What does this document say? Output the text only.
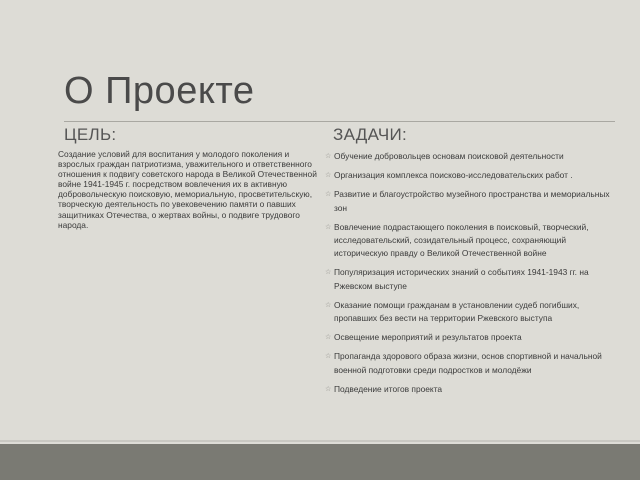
О Проекте
ЦЕЛЬ:	ЗАДАЧИ:
Создание условий для воспитания у молодого поколения и взрослых граждан патриотизма, уважительного и ответственного отношения к подвигу советского народа в Великой Отечественной войне 1941-1945 г. посредством вовлечения их в активную добровольческую поисковую, мемориальную, просветительскую, творческую деятельность по увековечению памяти о павших защитниках Отечества, о жертвах войны, о подвиге трудового народа.
☆ Обучение добровольцев основам поисковой деятельности
☆ Организация комплекса поисково-исследовательских работ .
☆ Развитие и благоустройство музейного пространства и мемориальных зон
☆ Вовлечение подрастающего поколения в поисковый, творческий, исследовательский, созидательный процесс, сохраняющий историческую правду о Великой Отечественной войне
☆ Популяризация исторических знаний о событиях 1941-1943 гг. на Ржевском выступе
☆ Оказание помощи гражданам в установлении судеб погибших, пропавших без вести на территории Ржевского выступа
☆ Освещение мероприятий и результатов проекта
☆ Пропаганда здорового образа жизни, основ спортивной и начальной военной подготовки среди подростков и молодёжи
☆ Подведение итогов проекта
